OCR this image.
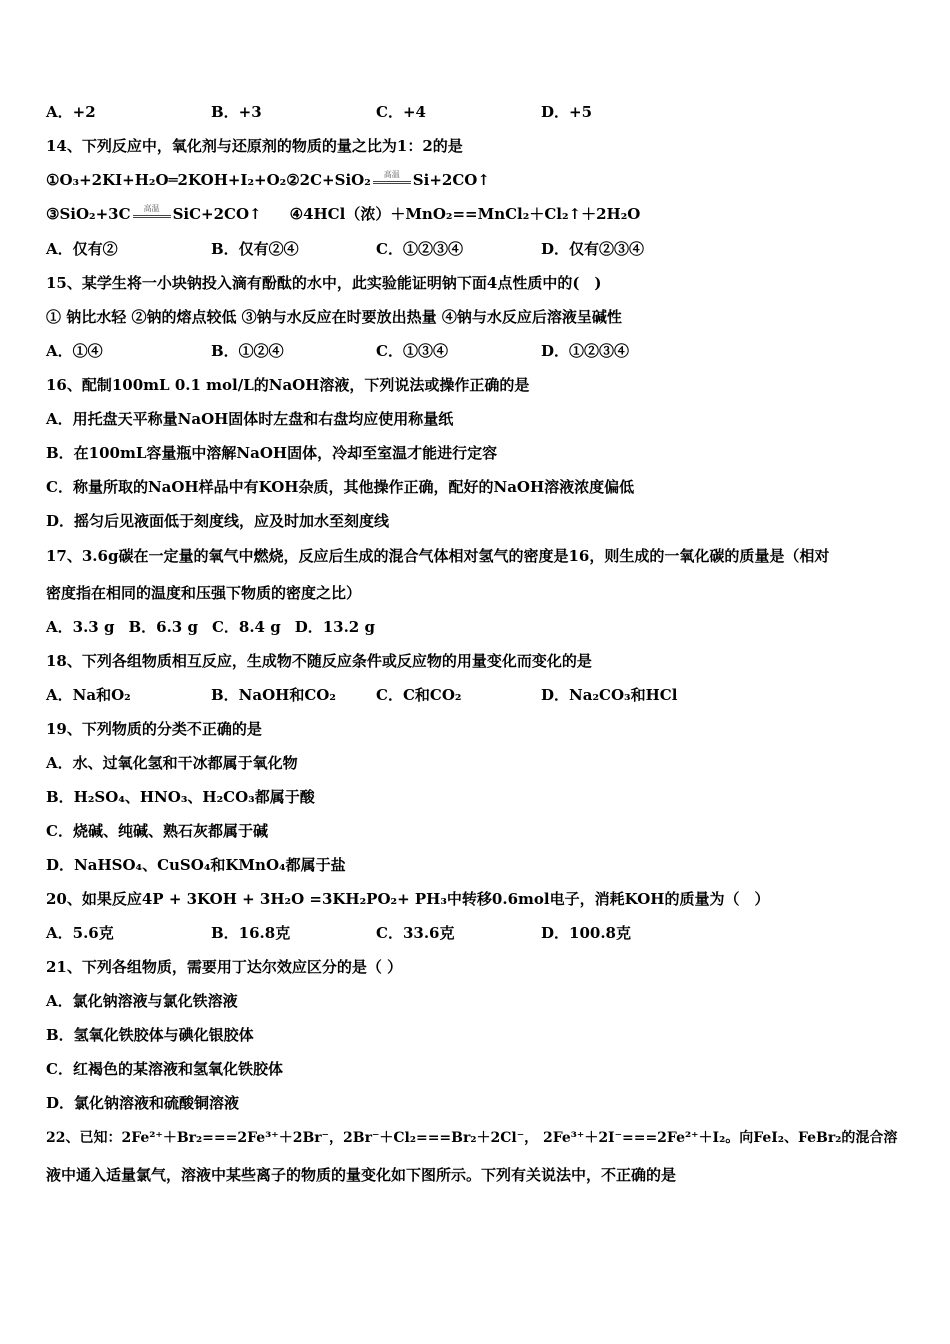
A．+2	B．+3	C．+4	D．+5
14、下列反应中，氧化剂与还原剂的物质的量之比为1：2的是
①O₃+2KI+H₂O═2KOH+I₂+O₂②2C+SiO₂	高温 Si+2CO↑
③SiO₂+3C	高温 SiC+2CO↑ ④4HCl（浓）＋MnO₂==MnCl₂＋Cl₂↑＋2H₂O
A．仅有②	B．仅有②④	C．①②③④	D．仅有②③④
15、某学生将一小块钠投入滴有酚酞的水中，此实验能证明钠下面4点性质中的(　)
① 钠比水轻 ②钠的熔点较低 ③钠与水反应在时要放出热量 ④钠与水反应后溶液呈碱性
A．①④	B．①②④	C．①③④	D．①②③④
16、配制100mL 0.1 mol/L的NaOH溶液，下列说法或操作正确的是
A．用托盘天平称量NaOH固体时左盘和右盘均应使用称量纸
B．在100mL容量瓶中溶解NaOH固体，冷却至室温才能进行定容
C．称量所取的NaOH样品中有KOH杂质，其他操作正确，配好的NaOH溶液浓度偏低
D．摇匀后见液面低于刻度线，应及时加水至刻度线
17、3.6g碳在一定量的氧气中燃烧，反应后生成的混合气体相对氢气的密度是16，则生成的一氧化碳的质量是（相对
密度指在相同的温度和压强下物质的密度之比）
A．3.3 g B．6.3 g C．8.4 g D．13.2 g
18、下列各组物质相互反应，生成物不随反应条件或反应物的用量变化而变化的是
A．Na和O₂	B．NaOH和CO₂	C．C和CO₂	D．Na₂CO₃和HCl
19、下列物质的分类不正确的是
A．水、过氧化氢和干冰都属于氧化物
B．H₂SO₄、HNO₃、H₂CO₃都属于酸
C．烧碱、纯碱、熟石灰都属于碱
D．NaHSO₄、CuSO₄和KMnO₄都属于盐
20、如果反应4P + 3KOH + 3H₂O =3KH₂PO₂+ PH₃中转移0.6mol电子，消耗KOH的质量为（　）
A．5.6克	B．16.8克	C．33.6克	D．100.8克
21、下列各组物质，需要用丁达尔效应区分的是（ ）
A．氯化钠溶液与氯化铁溶液
B．氢氧化铁胶体与碘化银胶体
C．红褐色的某溶液和氢氧化铁胶体
D．氯化钠溶液和硫酸铜溶液
22、已知：2Fe²⁺＋Br₂===2Fe³⁺＋2Br⁻，2Br⁻＋Cl₂===Br₂＋2Cl⁻， 2Fe³⁺＋2I⁻===2Fe²⁺＋I₂。向FeI₂、FeBr₂的混合溶
液中通入适量氯气，溶液中某些离子的物质的量变化如下图所示。下列有关说法中，不正确的是
